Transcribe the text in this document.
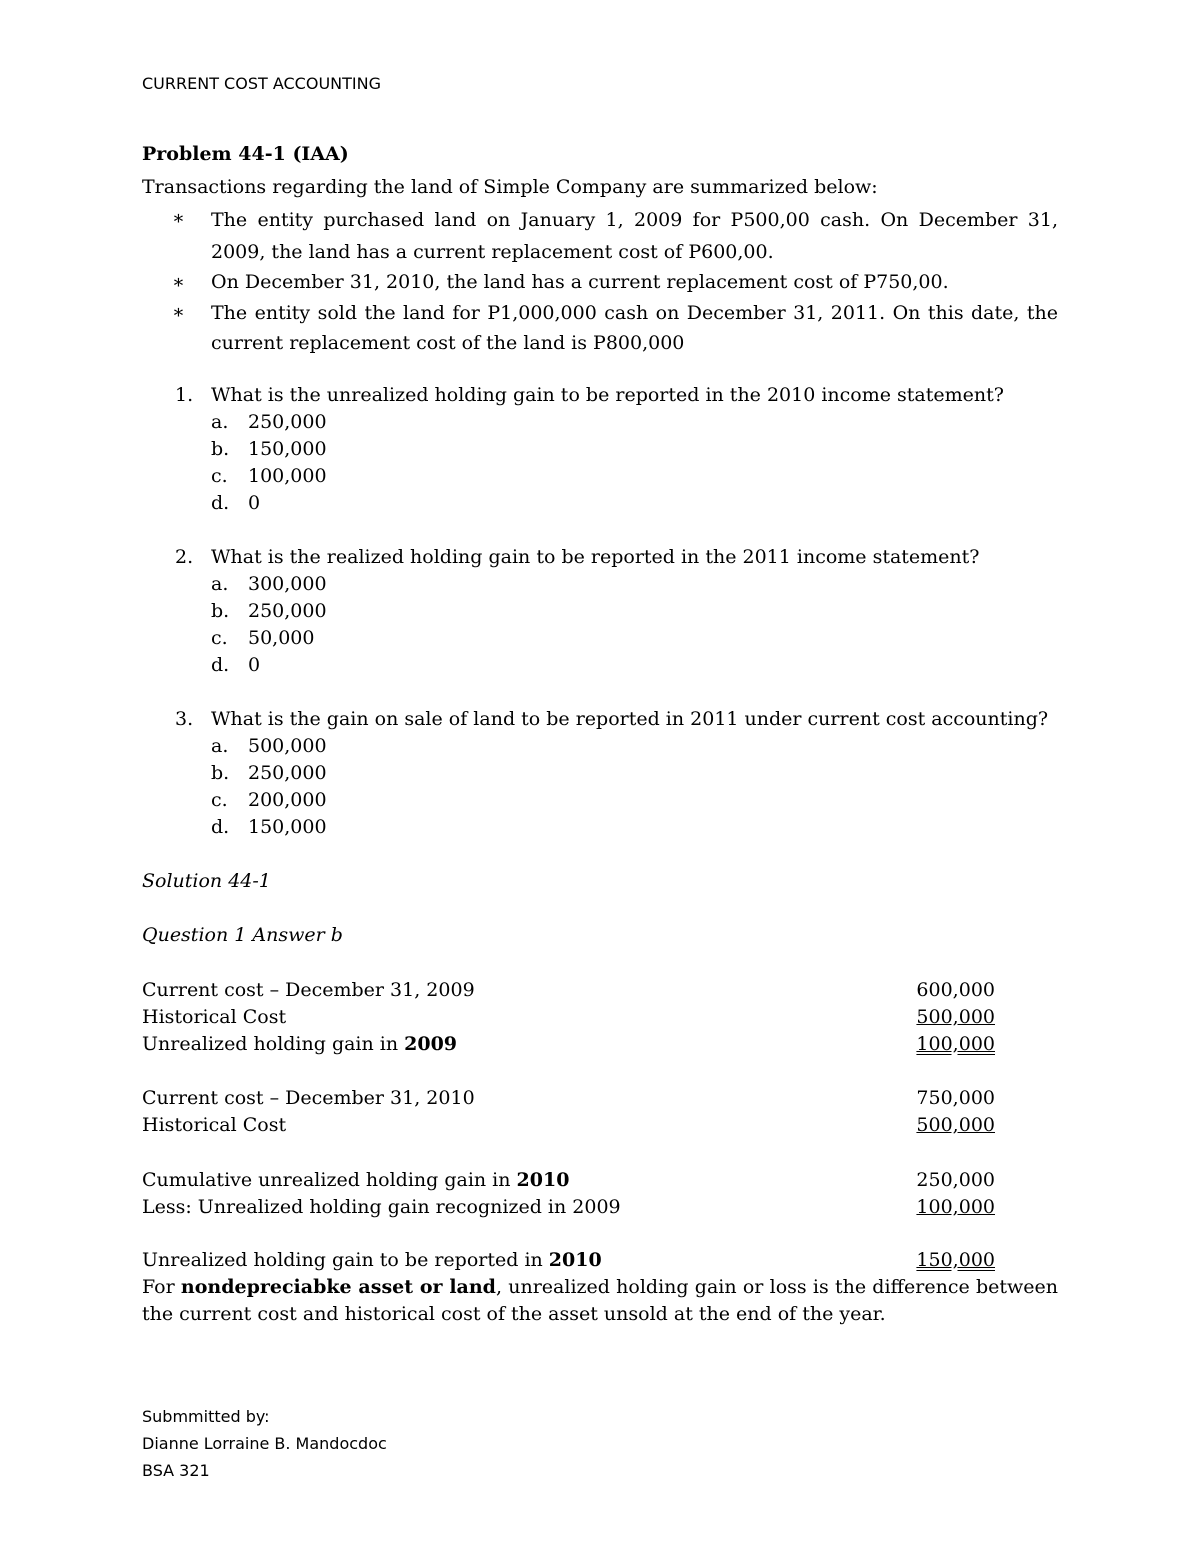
CURRENT COST ACCOUNTING
Problem 44-1 (IAA)
Transactions regarding the land of Simple Company are summarized below:
∗ The entity purchased land on January 1, 2009 for P500,00 cash. On December 31, 2009, the land has a current replacement cost of P600,00.
∗ On December 31, 2010, the land has a current replacement cost of P750,00.
∗ The entity sold the land for P1,000,000 cash on December 31, 2011. On this date, the current replacement cost of the land is P800,000
1. What is the unrealized holding gain to be reported in the 2010 income statement?
a. 250,000
b. 150,000
c. 100,000
d. 0
2. What is the realized holding gain to be reported in the 2011 income statement?
a. 300,000
b. 250,000
c. 50,000
d. 0
3. What is the gain on sale of land to be reported in 2011 under current cost accounting?
a. 500,000
b. 250,000
c. 200,000
d. 150,000
Solution 44-1
Question 1 Answer b
Current cost – December 31, 2009	600,000
Historical Cost	500,000
Unrealized holding gain in 2009	100,000
Current cost – December 31, 2010	750,000
Historical Cost	500,000
Cumulative unrealized holding gain in 2010	250,000
Less: Unrealized holding gain recognized in 2009	100,000
Unrealized holding gain to be reported in 2010	150,000
For nondepreciabke asset or land, unrealized holding gain or loss is the difference between the current cost and historical cost of the asset unsold at the end of the year.
Submmitted by:
Dianne Lorraine B. Mandocdoc
BSA 321
